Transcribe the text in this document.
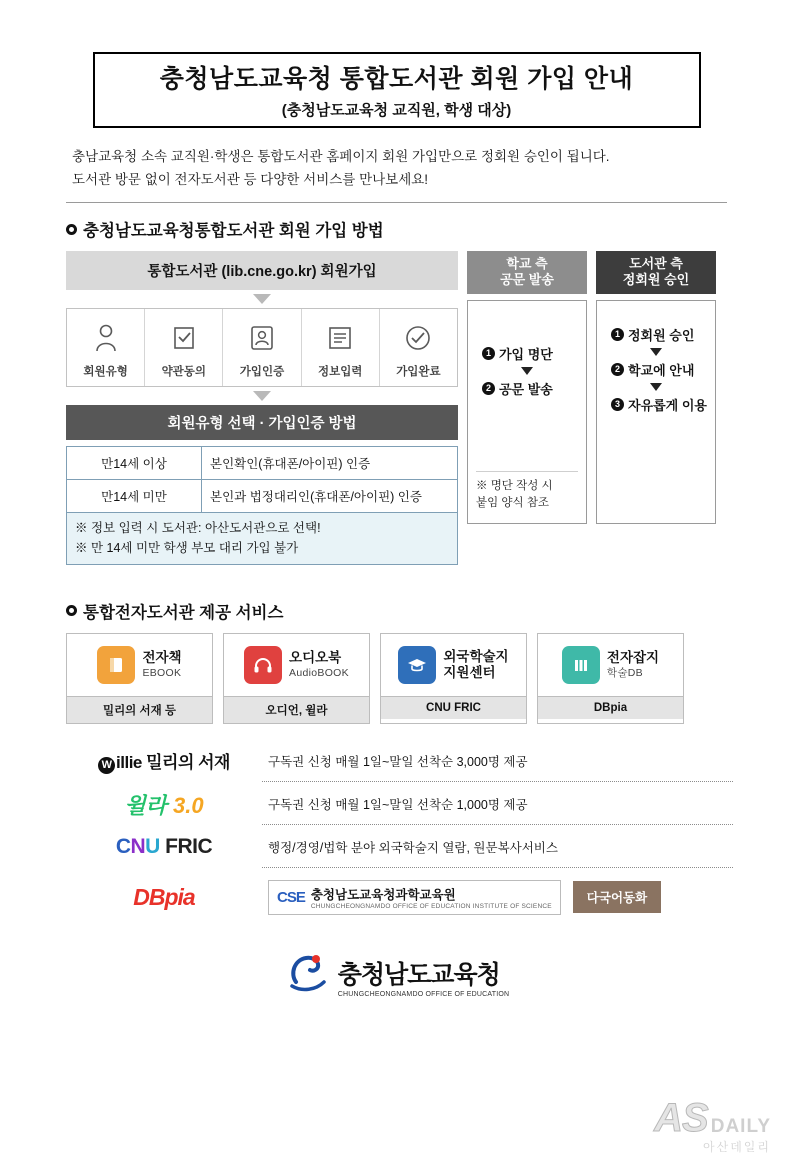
충청남도교육청 통합도서관 회원 가입 안내
(충청남도교육청 교직원, 학생 대상)
충남교육청 소속 교직원·학생은 통합도서관 홈페이지 회원 가입만으로 정회원 승인이 됩니다.
도서관 방문 없이 전자도서관 등 다양한 서비스를 만나보세요!
충청남도교육청통합도서관 회원 가입 방법
통합도서관 (lib.cne.go.kr) 회원가입
회원유형	약관동의	가입인증	정보입력	가입완료
회원유형 선택 · 가입인증 방법
만14세 이상	본인확인(휴대폰/아이핀) 인증
만14세 미만	본인과 법정대리인(휴대폰/아이핀) 인증
※ 정보 입력 시 도서관: 아산도서관으로 선택!
※ 만 14세 미만 학생 부모 대리 가입 불가
학교 측
공문 발송
1 가입 명단
2 공문 발송
※ 명단 작성 시
붙임 양식 참조
도서관 측
정회원 승인
1 정회원 승인
2 학교에 안내
3 자유롭게 이용
통합전자도서관 제공 서비스
전자책
EBOOK
밀리의 서재 등
오디오북
AudioBOOK
오디언, 윌라
외국학술지
지원센터
CNU FRIC
전자잡지
학술DB
DBpia
W illie 밀리의 서재	구독권 신청 매월 1일~말일 선착순 3,000명 제공
윌라 3.0	구독권 신청 매월 1일~말일 선착순 1,000명 제공
CNU FRIC	행정/경영/법학 분야 외국학술지 열람, 원문복사서비스
DBpia	CSE 충청남도교육청과학교육원
CHUNGCHEONGNAMDO OFFICE OF EDUCATION INSTITUTE OF SCIENCE
다국어동화
충청남도교육청
CHUNGCHEONGNAMDO OFFICE OF EDUCATION
AS DAILY
아산데일리
